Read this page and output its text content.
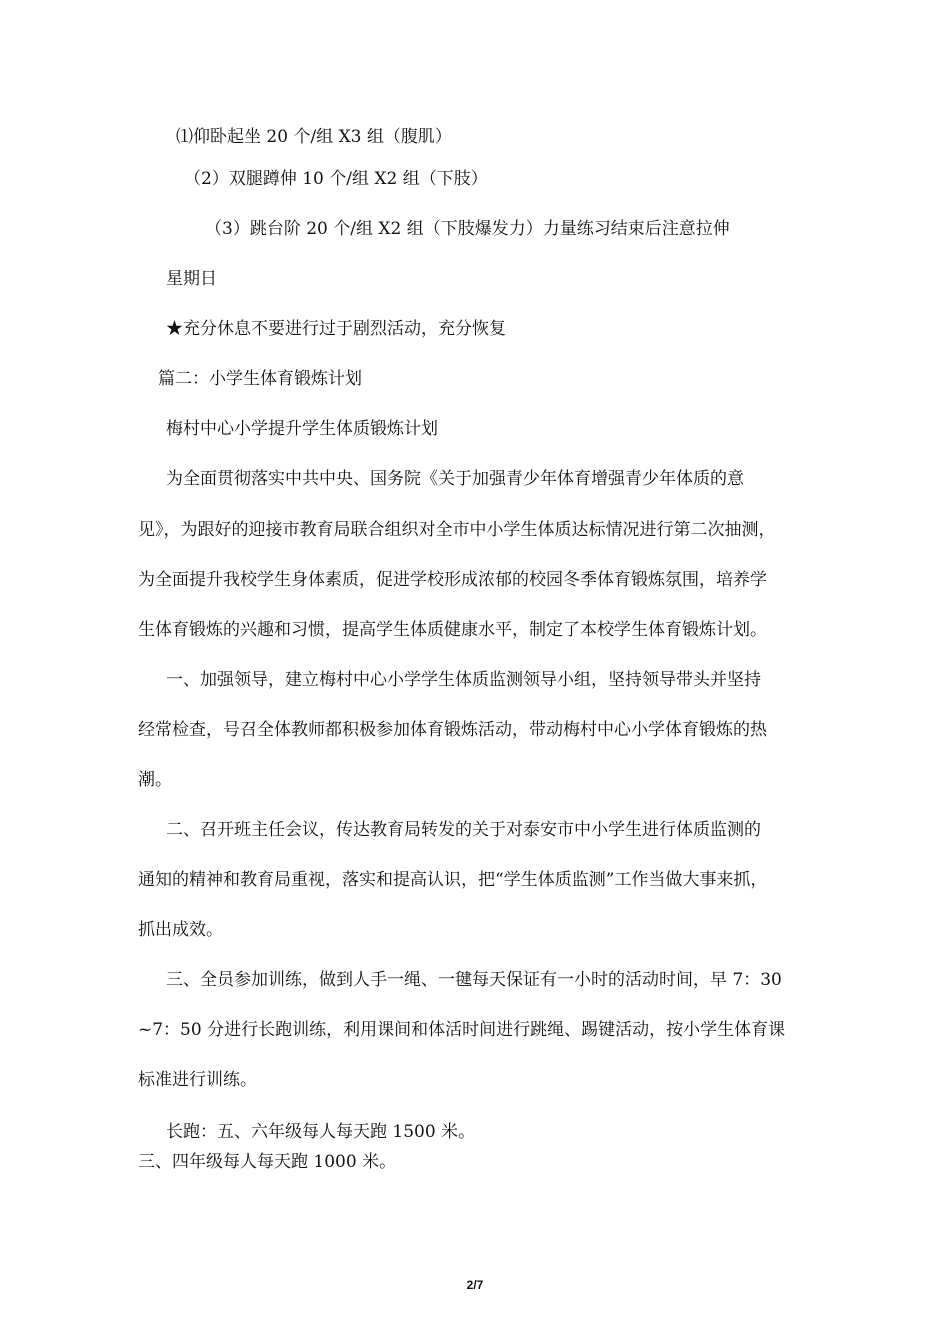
⑴仰卧起坐 20 个/组 X3 组（腹肌）
（2）双腿蹲伸 10 个/组 X2 组（下肢）
（3）跳台阶 20 个/组 X2 组（下肢爆发力）力量练习结束后注意拉伸
星期日
★充分休息不要进行过于剧烈活动，充分恢复
篇二：小学生体育锻炼计划
梅村中心小学提升学生体质锻炼计划
为全面贯彻落实中共中央、国务院《关于加强青少年体育增强青少年体质的意
见》，为跟好的迎接市教育局联合组织对全市中小学生体质达标情况进行第二次抽测，
为全面提升我校学生身体素质，促进学校形成浓郁的校园冬季体育锻炼氛围，培养学
生体育锻炼的兴趣和习惯，提高学生体质健康水平，制定了本校学生体育锻炼计划。
一、加强领导，建立梅村中心小学学生体质监测领导小组，坚持领导带头并坚持
经常检查，号召全体教师都积极参加体育锻炼活动，带动梅村中心小学体育锻炼的热
潮。
二、召开班主任会议，传达教育局转发的关于对泰安市中小学生进行体质监测的
通知的精神和教育局重视，落实和提高认识，把“学生体质监测”工作当做大事来抓，
抓出成效。
三、全员参加训练，做到人手一绳、一毽每天保证有一小时的活动时间，早 7：30
~7：50 分进行长跑训练，利用课间和体活时间进行跳绳、踢键活动，按小学生体育课
标准进行训练。
长跑：五、六年级每人每天跑 1500 米。
三、四年级每人每天跑 1000 米。
2/7
